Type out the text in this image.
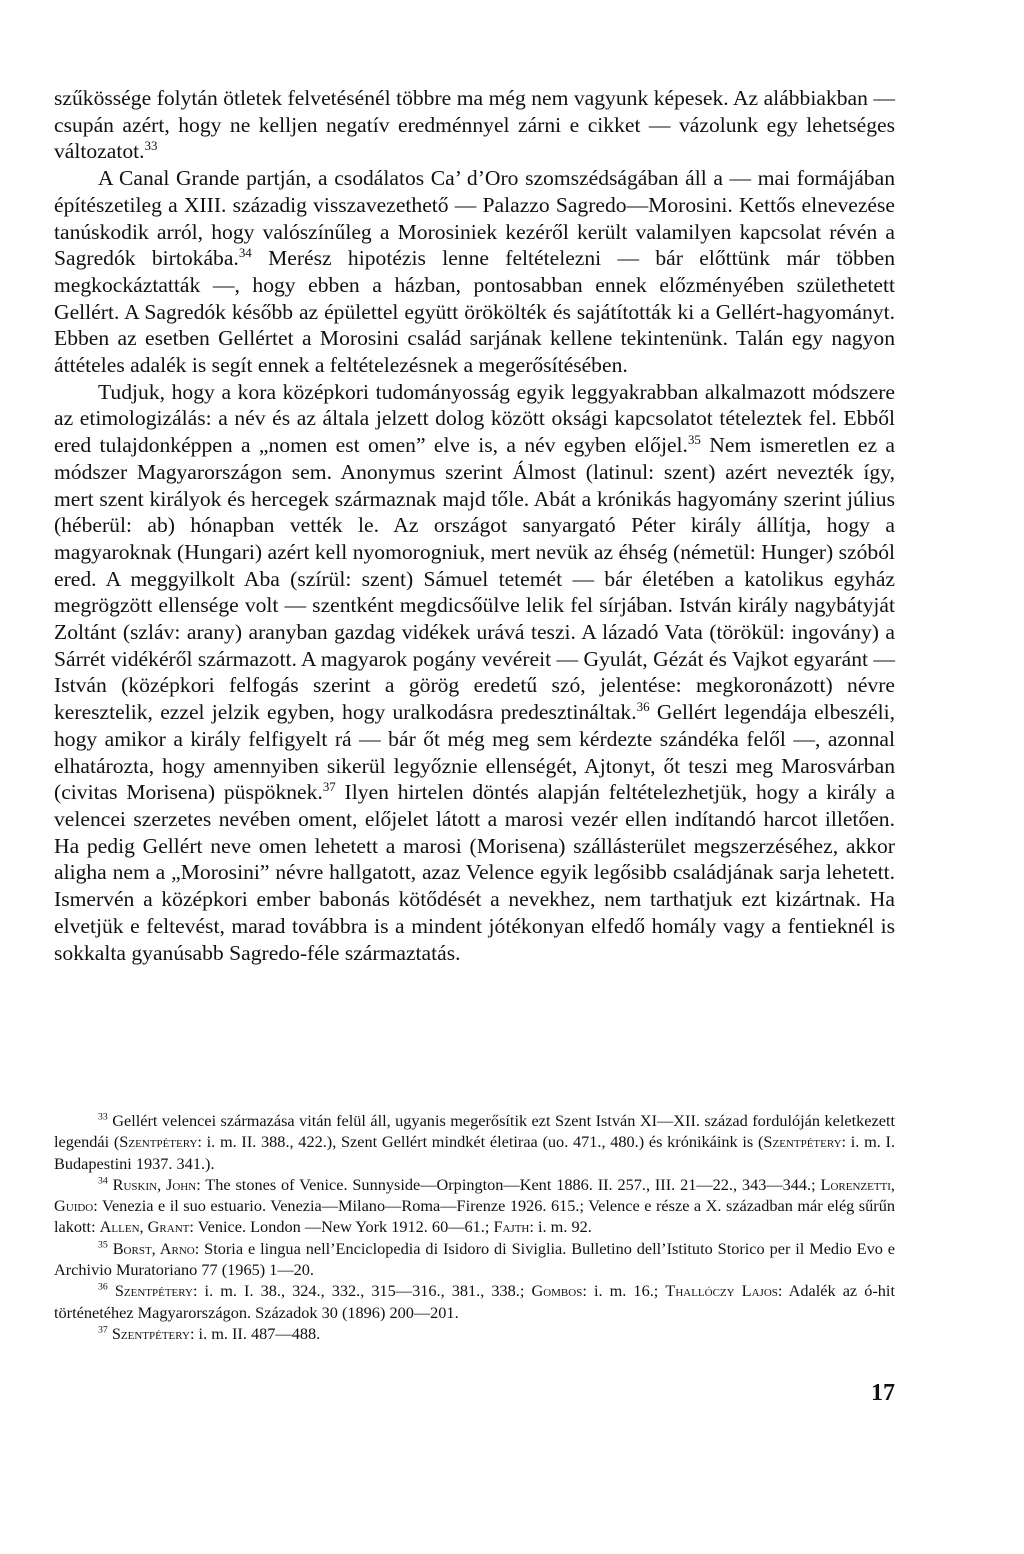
szűkössége folytán ötletek felvetésénél többre ma még nem vagyunk képesek. Az alábbiakban — csupán azért, hogy ne kelljen negatív eredménnyel zárni e cikket — vázolunk egy lehetséges változatot.$^{33}$

A Canal Grande partján, a csodálatos Ca’ d’Oro szomszédságában áll a — mai formájában építészetileg a XIII. századig visszavezethető — Palazzo Sagredo—Morosini. Kettős elnevezése tanúskodik arról, hogy valószínűleg a Morosiniek kezéről került valamilyen kapcsolat révén a Sagredók birtokába.$^{34}$ Merész hipotézis lenne feltételezni — bár előttünk már többen megkockáztatták —, hogy ebben a házban, pontosabban ennek előzményében születhetett Gellért. A Sagredók később az épülettel együtt örökölték és sajátították ki a Gellért-hagyományt. Ebben az esetben Gellértet a Morosini család sarjának kellene tekintenünk. Talán egy nagyon áttételes adalék is segít ennek a feltételezésnek a megerősítésében.

Tudjuk, hogy a kora középkori tudományosság egyik leggyakrabban alkalmazott módszere az etimologizálás: a név és az általa jelzett dolog között oksági kapcsolatot tételeztek fel. Ebből ered tulajdonképpen a „nomen est omen” elve is, a név egyben előjel.$^{35}$ Nem ismeretlen ez a módszer Magyarországon sem. Anonymus szerint Álmost (latinul: szent) azért nevezték így, mert szent királyok és hercegek származnak majd tőle. Abát a krónikás hagyomány szerint július (héberül: ab) hónapban vették le. Az országot sanyargató Péter király állítja, hogy a magyaroknak (Hungari) azért kell nyomorogniuk, mert nevük az éhség (németül: Hunger) szóból ered. A meggyilkolt Aba (szírül: szent) Sámuel tetemét — bár életében a katolikus egyház megrögzött ellensége volt — szentként megdicsőülve lelik fel sírjában. István király nagybátyját Zoltánt (szláv: arany) aranyban gazdag vidékek urává teszi. A lázadó Vata (törökül: ingovány) a Sárrét vidékéről származott. A magyarok pogány vevéreit — Gyulát, Gézát és Vajkot egyaránt — István (középkori felfogás szerint a görög eredetű szó, jelentése: megkoronázott) névre keresztelik, ezzel jelzik egyben, hogy uralkodásra predesztináltak.$^{36}$ Gellért legendája elbeszéli, hogy amikor a király felfigyelt rá — bár őt még meg sem kérdezte szándéka felől —, azonnal elhatározta, hogy amennyiben sikerül legyőznie ellenségét, Ajtonyt, őt teszi meg Marosvárban (civitas Morisena) püspöknek.$^{37}$ Ilyen hirtelen döntés alapján feltételezhetjük, hogy a király a velencei szerzetes nevében oment, előjelet látott a marosi vezér ellen indítandó harcot illetően. Ha pedig Gellért neve omen lehetett a marosi (Morisena) szállásterület megszerzéséhez, akkor aligha nem a „Morosini” névre hallgatott, azaz Velence egyik legősibb családjának sarja lehetett. Ismervén a középkori ember babonás kötődését a nevekhez, nem tarthatjuk ezt kizártnak. Ha elvetjük e feltevést, marad továbbra is a mindent jótékonyan elfedő homály vagy a fentieknél is sokkalta gyanúsabb Sagredo-féle származtatás.

$^{33}$ Gellért velencei származása vitán felül áll, ugyanis megerősítik ezt Szent István XI—XII. század fordulóján keletkezett legendái (Szentpétery: i. m. II. 388., 422.), Szent Gellért mindkét életiraa (uo. 471., 480.) és krónikáink is (Szentpétery: i. m. I. Budapestini 1937. 341.).

$^{34}$ Ruskin, John: The stones of Venice. Sunnyside—Orpington—Kent 1886. II. 257., III. 21—22., 343—344.; Lorenzetti, Guido: Venezia e il suo estuario. Venezia—Milano—Roma—Firenze 1926. 615.; Velence e része a X. században már elég sűrűn lakott: Allen, Grant: Venice. London —New York 1912. 60—61.; Fajth: i. m. 92.

$^{35}$ Borst, Arno: Storia e lingua nell’Enciclopedia di Isidoro di Siviglia. Bulletino dell’Istituto Storico per il Medio Evo e Archivio Muratoriano 77 (1965) 1—20.

$^{36}$ Szentpétery: i. m. I. 38., 324., 332., 315—316., 381., 338.; Gombos: i. m. 16.; Thallóczy Lajos: Adalék az ó-hit történetéhez Magyarországon. Századok 30 (1896) 200—201.

$^{37}$ Szentpétery: i. m. II. 487—488.

17
